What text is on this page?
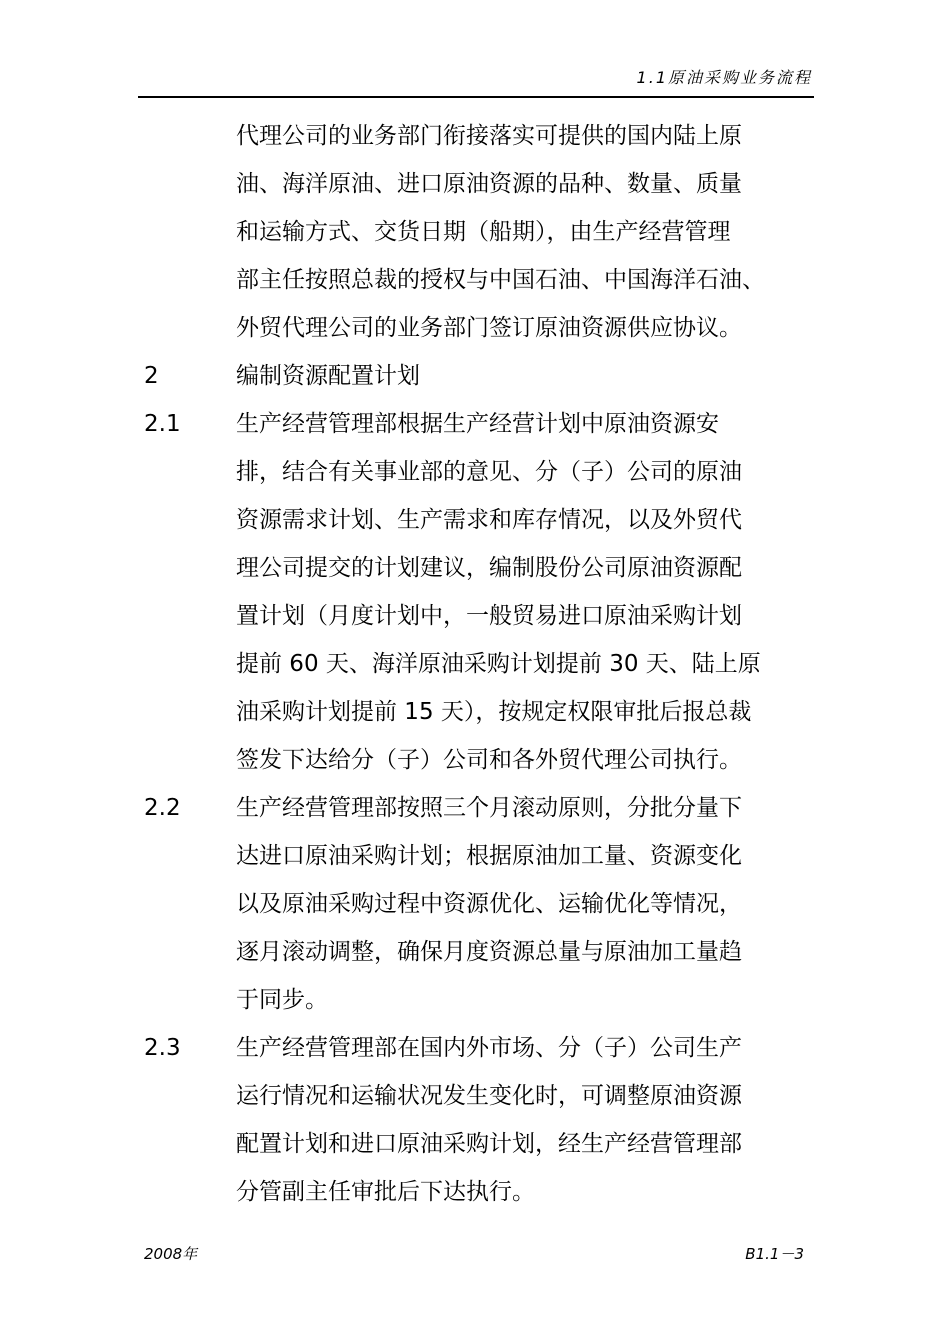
1.1原油采购业务流程
代理公司的业务部门衔接落实可提供的国内陆上原
油、海洋原油、进口原油资源的品种、数量、质量
和运输方式、交货日期（船期），由生产经营管理
部主任按照总裁的授权与中国石油、中国海洋石油、
外贸代理公司的业务部门签订原油资源供应协议。
2	编制资源配置计划
2.1 生产经营管理部根据生产经营计划中原油资源安
排，结合有关事业部的意见、分（子）公司的原油
资源需求计划、生产需求和库存情况，以及外贸代
理公司提交的计划建议，编制股份公司原油资源配
置计划（月度计划中，一般贸易进口原油采购计划
提前 60 天、海洋原油采购计划提前 30 天、陆上原
油采购计划提前 15 天），按规定权限审批后报总裁
签发下达给分（子）公司和各外贸代理公司执行。
2.2 生产经营管理部按照三个月滚动原则，分批分量下
达进口原油采购计划；根据原油加工量、资源变化
以及原油采购过程中资源优化、运输优化等情况，
逐月滚动调整，确保月度资源总量与原油加工量趋
于同步。
2.3 生产经营管理部在国内外市场、分（子）公司生产
运行情况和运输状况发生变化时，可调整原油资源
配置计划和进口原油采购计划，经生产经营管理部
分管副主任审批后下达执行。
2008年	B1.1－3
